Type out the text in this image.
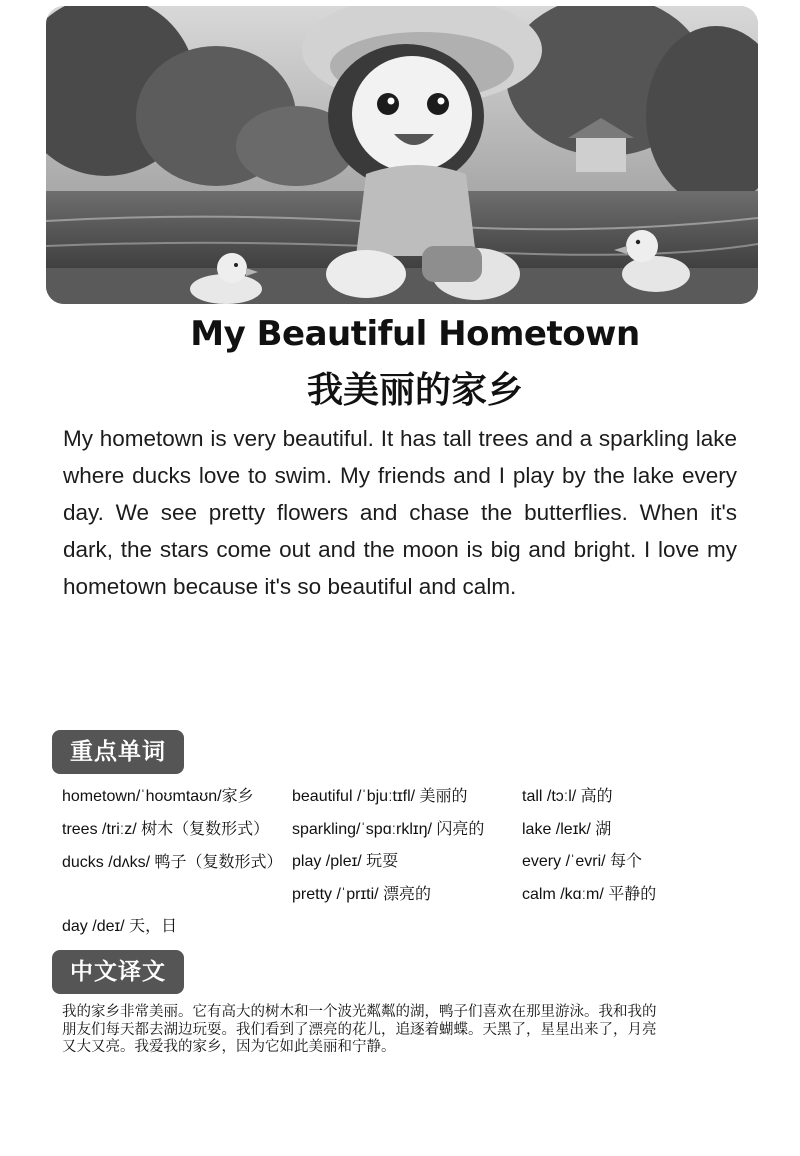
My Beautiful Hometown
我美丽的家乡

My hometown is very beautiful. It has tall trees and a sparkling lake where ducks love to swim. My friends and I play by the lake every day. We see pretty flowers and chase the butterflies. When it's dark, the stars come out and the moon is big and bright. I love my hometown because it's so beautiful and calm.

重点单词
hometown/ˈhoʊmtaʊn/家乡
trees /triːz/ 树木（复数形式）
ducks /dʌks/ 鸭子（复数形式）
day /deɪ/ 天，日
beautiful /ˈbjuːtɪfl/ 美丽的
sparkling/ˈspɑːrklɪŋ/ 闪亮的
play /pleɪ/ 玩耍
pretty /ˈprɪti/ 漂亮的
tall /tɔːl/ 高的
lake /leɪk/ 湖
every /ˈevri/ 每个
calm /kɑːm/ 平静的
中文译文

我的家乡非常美丽。它有高大的树木和一个波光粼粼的湖，鸭子们喜欢在那里游泳。我和我的朋友们每天都去湖边玩耍。我们看到了漂亮的花儿，追逐着蝴蝶。天黑了，星星出来了，月亮又大又亮。我爱我的家乡，因为它如此美丽和宁静。
